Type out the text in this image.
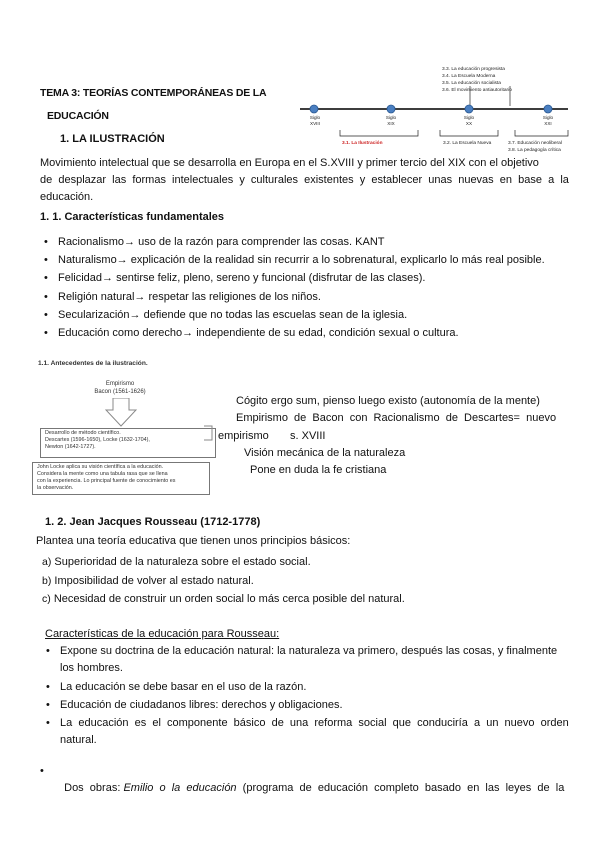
TEMA 3: TEORÍAS CONTEMPORÁNEAS DE LA
EDUCACIÓN
3.3. La educación progresista
3.4. La Escuela Moderna
3.5. La educación socialista
3.6. El movimiento antiautoritario
Siglo
XVIII
Siglo
XIX
Siglo
XX
Siglo
XXI
3.1. La Ilustración	3.2. La Escuela Nueva	3.7. Educación neoliberal
3.8. La pedagogía crítica
1. LA ILUSTRACIÓN
Movimiento intelectual que se desarrolla en Europa en el S.XVIII y primer tercio del XIX con el objetivo
de  desplazar  las  formas  intelectuales  y  culturales  existentes  y  establecer  unas  nuevas  en  base  a  la
educación.
1. 1. Características fundamentales
• Racionalismo→ uso de la razón para comprender las cosas. KANT
• Naturalismo→ explicación de la realidad sin recurrir a lo sobrenatural, explicarlo lo más real posible.
• Felicidad→ sentirse feliz, pleno, sereno y funcional (disfrutar de las clases).
• Religión natural→ respetar las religiones de los niños.
• Secularización→ defiende que no todas las escuelas sean de la iglesia.
• Educación como derecho→ independiente de su edad, condición sexual o cultura.
1.1. Antecedentes de la ilustración.
Empirismo
Bacon (1561-1626)
Desarrollo de método científico.
Descartes (1596-1650), Locke (1632-1704),
Newton (1642-1727).
John Locke aplica su visión científica a la educación.
Considera la mente como una tabula rasa que se llena
con la experiencia. Lo principal fuente de conocimiento es
la observación.
Cógito ergo sum, pienso luego existo (autonomía de la mente)
Empirismo  de  Bacon  con  Racionalismo  de  Descartes=  nuevo
empirismo s. XVIII
Visión mecánica de la naturaleza
Pone en duda la fe cristiana
1. 2. Jean Jacques Rousseau (1712-1778)
Plantea una teoría educativa que tienen unos principios básicos:
a) Superioridad de la naturaleza sobre el estado social.
b) Imposibilidad de volver al estado natural.
c) Necesidad de construir un orden social lo más cerca posible del natural.
Características de la educación para Rousseau:
• Expone su doctrina de la educación natural: la naturaleza va primero, después las cosas, y finalmente
los hombres.
• La educación se debe basar en el uso de la razón.
• Educación de ciudadanos libres: derechos y obligaciones.
• La  educación  es  el  componente  básico  de  una  reforma  social  que  conduciría  a  un  nuevo  orden
natural.

•
Dos  obras: Emilio  o  la  educación  (programa  de  educación  completo  basado  en  las  leyes  de  la
